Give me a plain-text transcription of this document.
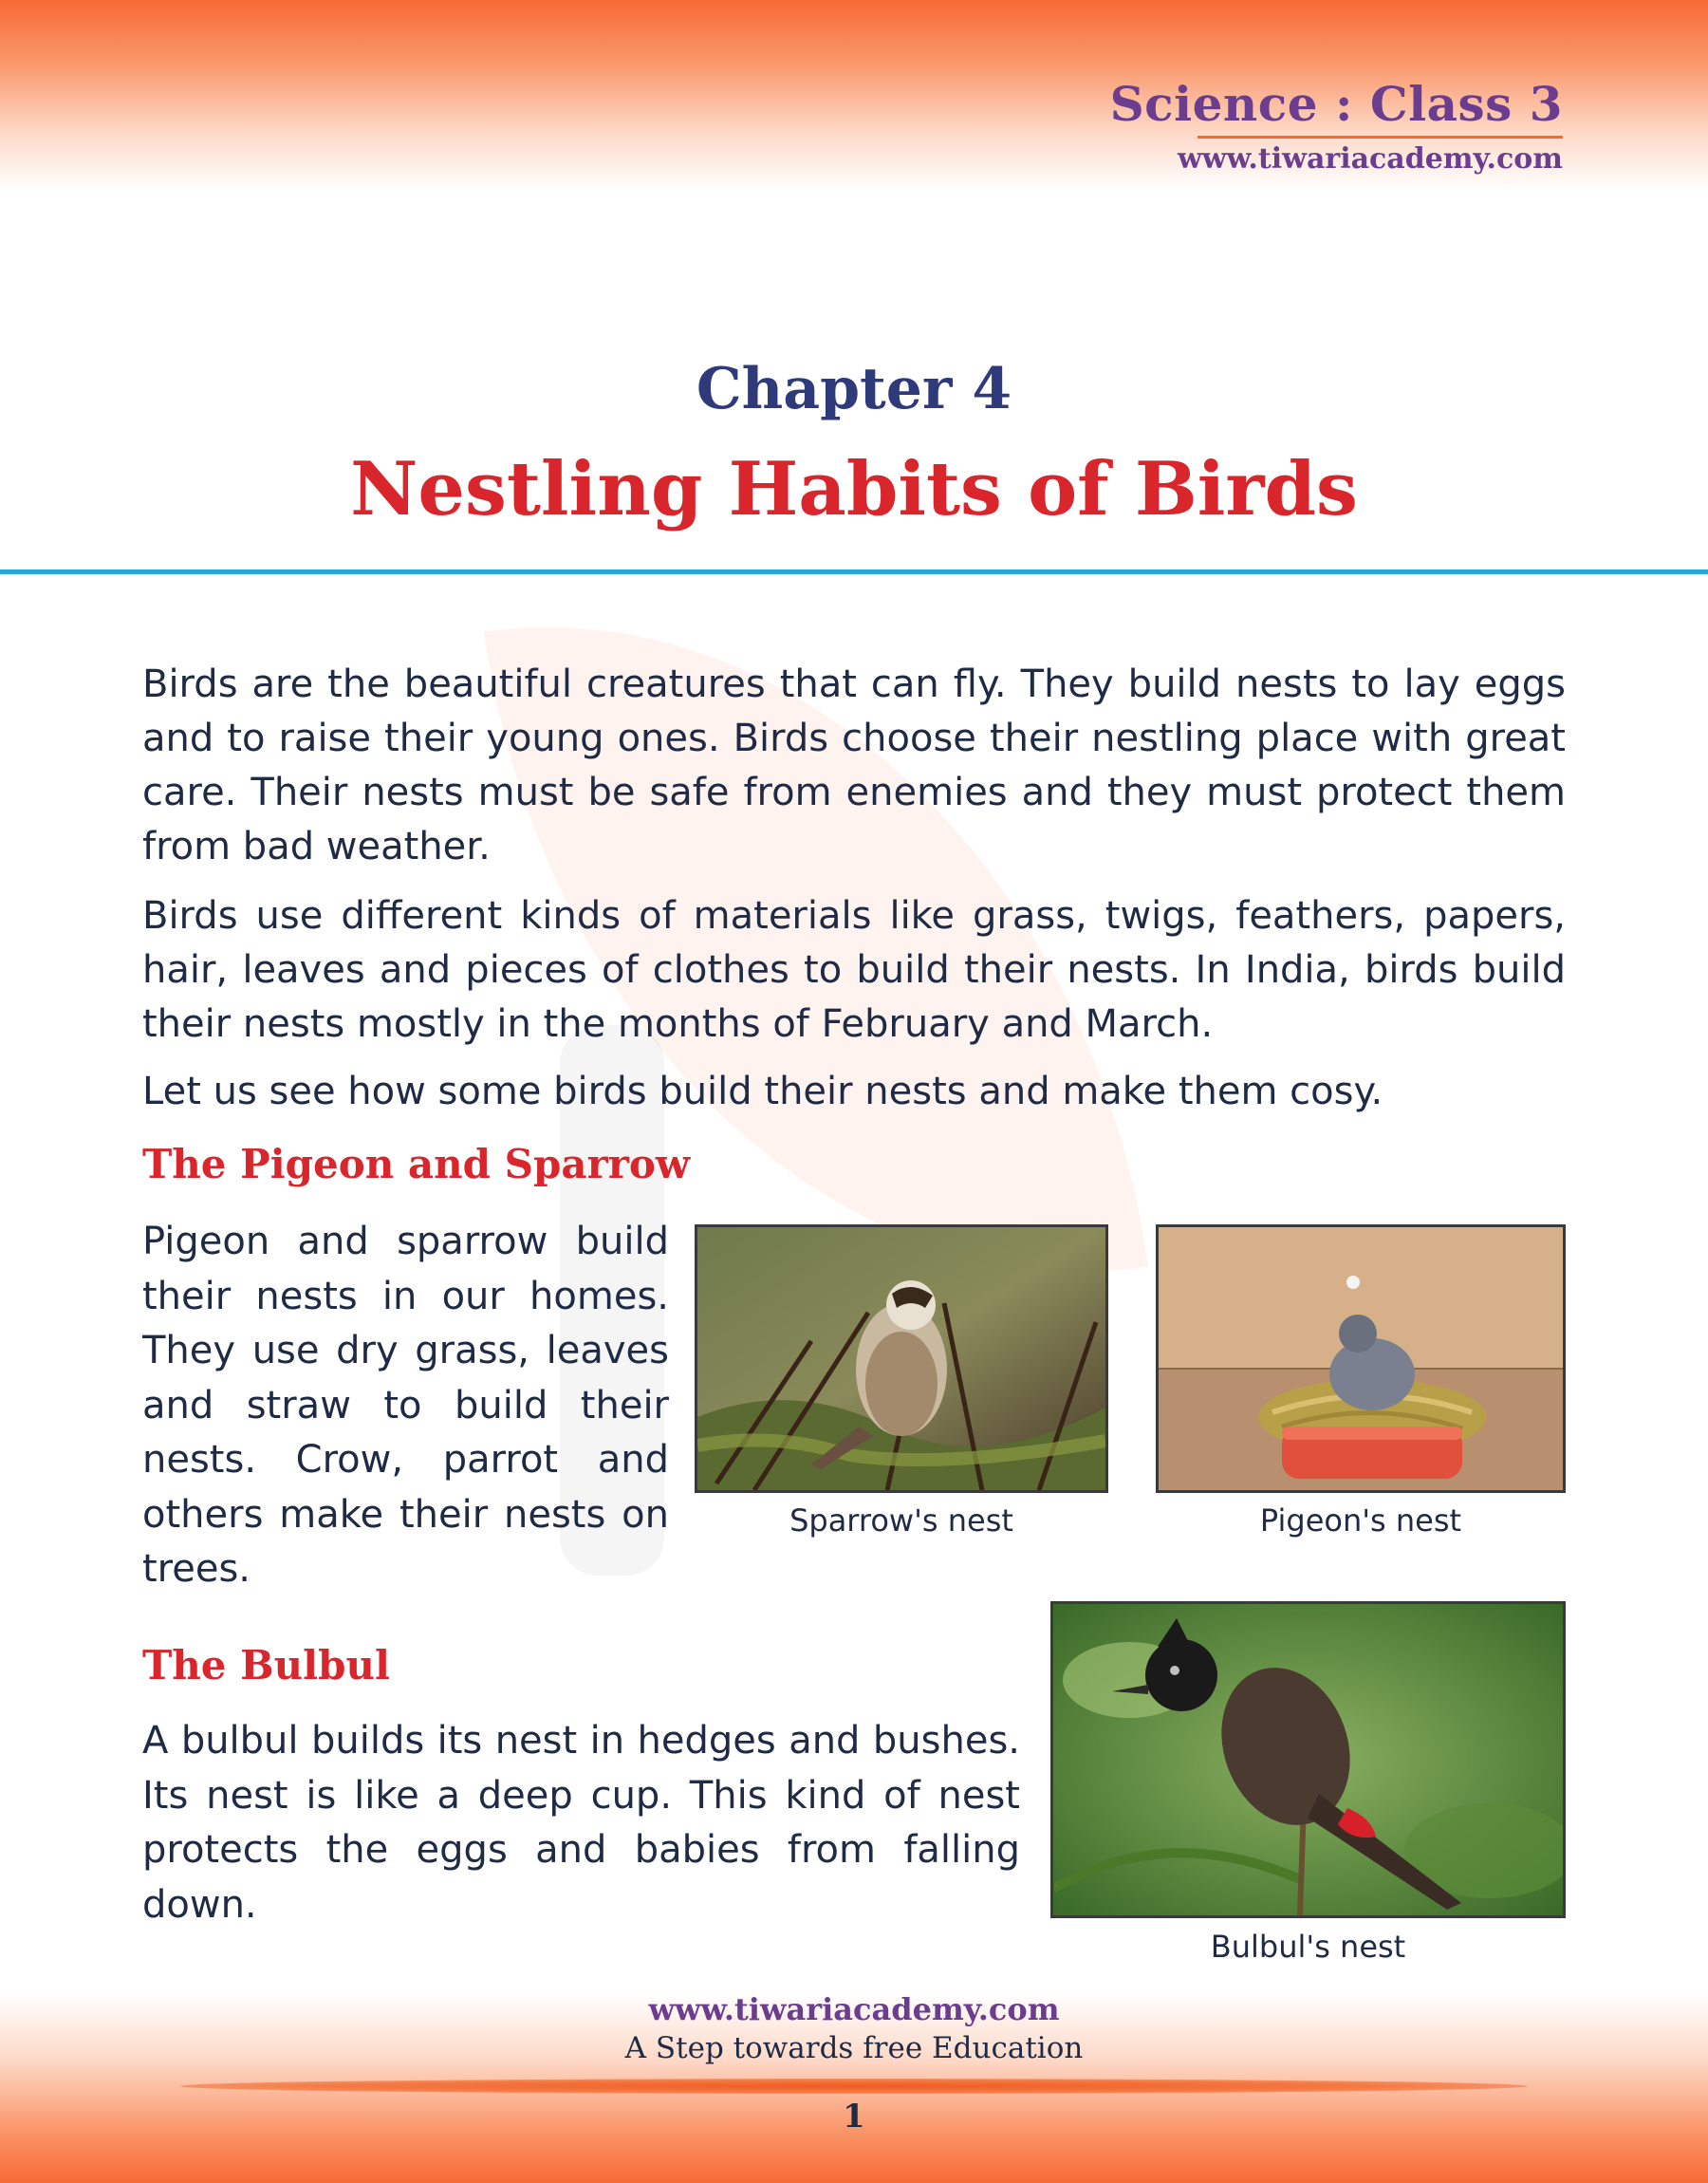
Science : Class 3
www.tiwariacademy.com
Chapter 4
Nestling Habits of Birds

Birds are the beautiful creatures that can fly. They build nests to lay eggs and to raise their young ones. Birds choose their nestling place with great care. Their nests must be safe from enemies and they must protect them from bad weather.

Birds use different kinds of materials like grass, twigs, feathers, papers, hair, leaves and pieces of clothes to build their nests. In India, birds build their nests mostly in the months of February and March.

Let us see how some birds build their nests and make them cosy.

The Pigeon and Sparrow

Pigeon and sparrow build their nests in our homes. They use dry grass, leaves and straw to build their nests. Crow, parrot and others make their nests on trees.

Sparrow's nest	Pigeon's nest
The Bulbul

A bulbul builds its nest in hedges and bushes. Its nest is like a deep cup. This kind of nest protects the eggs and babies from falling down.

Bulbul's nest
www.tiwariacademy.com
A Step towards free Education
1
